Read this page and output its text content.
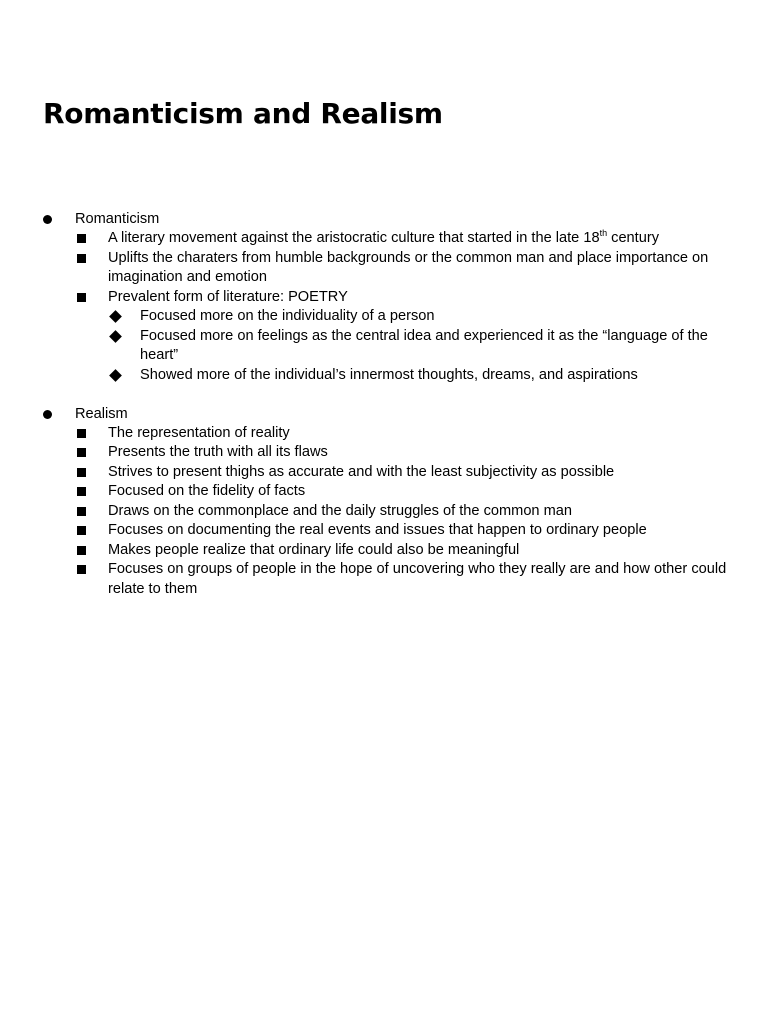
Romanticism and Realism
Romanticism
A literary movement against the aristocratic culture that started in the late 18th century
Uplifts the charaters from humble backgrounds or the common man and place importance on imagination and emotion
Prevalent form of literature: POETRY
Focused more on the individuality of a person
Focused more on feelings as the central idea and experienced it as the “language of the heart”
Showed more of the individual’s innermost thoughts, dreams, and aspirations
Realism
The representation of reality
Presents the truth with all its flaws
Strives to present thighs as accurate and with the least subjectivity as possible
Focused on the fidelity of facts
Draws on the commonplace and the daily struggles of the common man
Focuses on documenting the real events and issues that happen to ordinary people
Makes people realize that ordinary life could also be meaningful
Focuses on groups of people in the hope of uncovering who they really are and how other could relate to them
